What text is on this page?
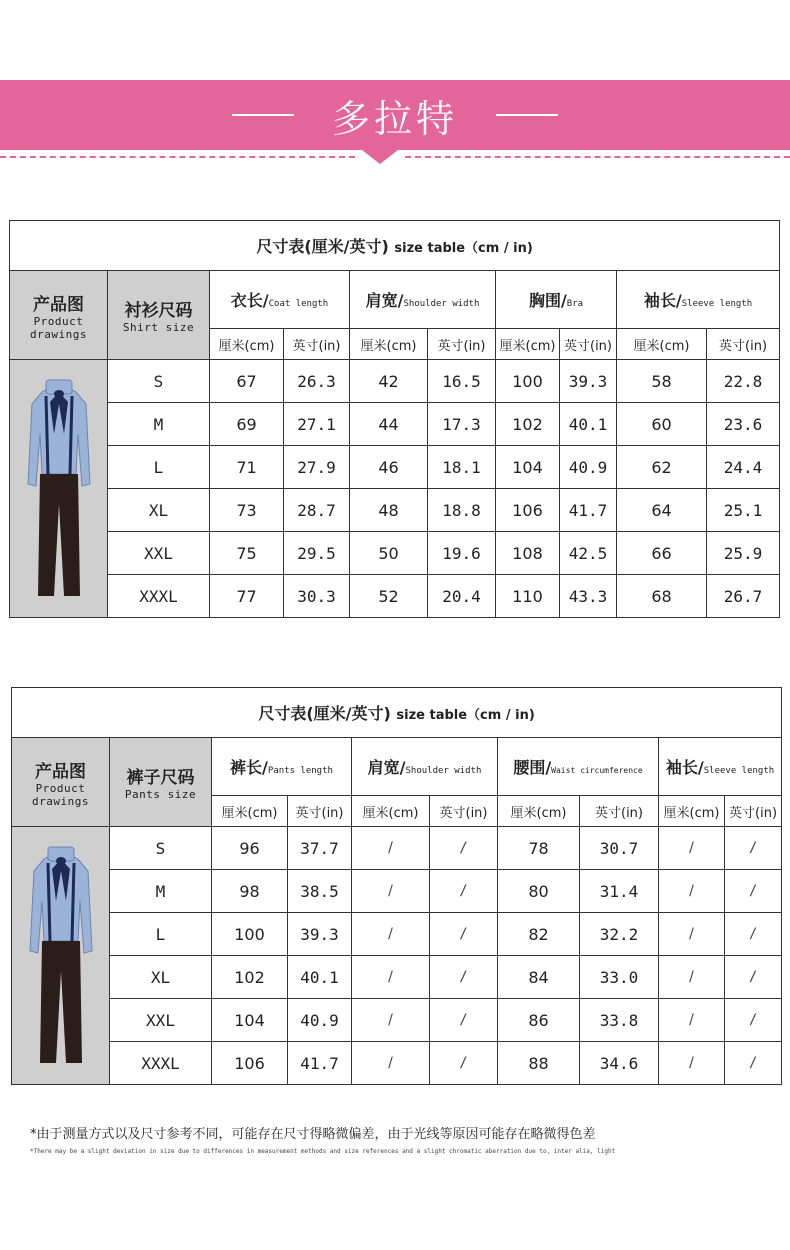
多拉特
尺寸表(厘米/英寸) size table（cm / in)									

产品图
Product drawings	衬衫尺码
Shirt size	衣长/Coat length		肩宽/Shoulder width		胸围/Bra		袖长/Sleeve length	
		厘米(cm)	英寸(in)	厘米(cm)	英寸(in)	厘米(cm)	英寸(in)	厘米(cm)	英寸(in)

	S	67	26.3	42	16.5	100	39.3	58	22.8
	M	69	27.1	44	17.3	102	40.1	60	23.6
	L	71	27.9	46	18.1	104	40.9	62	24.4
	XL	73	28.7	48	18.8	106	41.7	64	25.1
	XXL	75	29.5	50	19.6	108	42.5	66	25.9
	XXXL	77	30.3	52	20.4	110	43.3	68	26.7
尺寸表(厘米/英寸) size table（cm / in)									

产品图
Product drawings	裤子尺码
Pants size	裤长/Pants length		肩宽/Shoulder width		腰围/Waist circumference		袖长/Sleeve length	
		厘米(cm)	英寸(in)	厘米(cm)	英寸(in)	厘米(cm)	英寸(in)	厘米(cm)	英寸(in)

	S	96	37.7	/	/	78	30.7	/	/
	M	98	38.5	/	/	80	31.4	/	/
	L	100	39.3	/	/	82	32.2	/	/
	XL	102	40.1	/	/	84	33.0	/	/
	XXL	104	40.9	/	/	86	33.8	/	/
	XXXL	106	41.7	/	/	88	34.6	/	/
*由于测量方式以及尺寸参考不同，可能存在尺寸得略微偏差，由于光线等原因可能存在略微得色差
*There may be a slight deviation in size due to differences in measurement methods and size references and a slight chromatic aberration due to, inter alia, light
